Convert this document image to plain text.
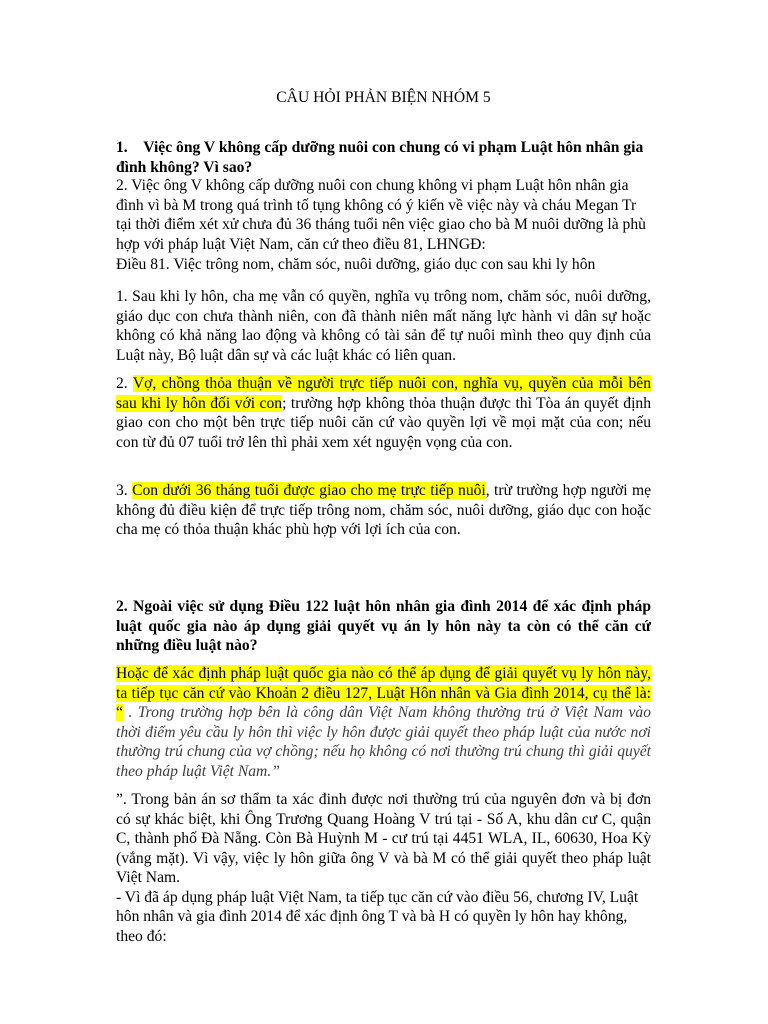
CÂU HỎI PHẢN BIỆN NHÓM 5

1. Việc ông V không cấp dưỡng nuôi con chung có vi phạm Luật hôn nhân gia đình không? Vì sao?

2. Việc ông V không cấp dưỡng nuôi con chung không vi phạm Luật hôn nhân gia đình vì bà M trong quá trình tố tụng không có ý kiến về việc này và cháu Megan Tr tại thời điểm xét xử chưa đủ 36 tháng tuổi nên việc giao cho bà M nuôi dưỡng là phù hợp với pháp luật Việt Nam, căn cứ theo điều 81, LHNGĐ:

Điều 81. Việc trông nom, chăm sóc, nuôi dưỡng, giáo dục con sau khi ly hôn

1. Sau khi ly hôn, cha mẹ vẫn có quyền, nghĩa vụ trông nom, chăm sóc, nuôi dưỡng, giáo dục con chưa thành niên, con đã thành niên mất năng lực hành vi dân sự hoặc không có khả năng lao động và không có tài sản để tự nuôi mình theo quy định của Luật này, Bộ luật dân sự và các luật khác có liên quan.

2. Vợ, chồng thỏa thuận về người trực tiếp nuôi con, nghĩa vụ, quyền của mỗi bên sau khi ly hôn đối với con; trường hợp không thỏa thuận được thì Tòa án quyết định giao con cho một bên trực tiếp nuôi căn cứ vào quyền lợi về mọi mặt của con; nếu con từ đủ 07 tuổi trở lên thì phải xem xét nguyện vọng của con.

3. Con dưới 36 tháng tuổi được giao cho mẹ trực tiếp nuôi, trừ trường hợp người mẹ không đủ điều kiện để trực tiếp trông nom, chăm sóc, nuôi dưỡng, giáo dục con hoặc cha mẹ có thỏa thuận khác phù hợp với lợi ích của con.

2. Ngoài việc sử dụng Điều 122 luật hôn nhân gia đình 2014 để xác định pháp luật quốc gia nào áp dụng giải quyết vụ án ly hôn này ta còn có thể căn cứ những điều luật nào?

Hoặc để xác định pháp luật quốc gia nào có thể áp dụng để giải quyết vụ ly hôn này, ta tiếp tục căn cứ vào Khoản 2 điều 127, Luật Hôn nhân và Gia đình 2014, cụ thể là: “ . Trong trường hợp bên là công dân Việt Nam không thường trú ở Việt Nam vào thời điểm yêu cầu ly hôn thì việc ly hôn được giải quyết theo pháp luật của nước nơi thường trú chung của vợ chồng; nếu họ không có nơi thường trú chung thì giải quyết theo pháp luật Việt Nam.”

”. Trong bản án sơ thẩm ta xác đinh được nơi thường trú của nguyên đơn và bị đơn có sự khác biệt, khi Ông Trương Quang Hoàng V trú tại - Số A, khu dân cư C, quận C, thành phố Đà Nẵng. Còn Bà Huỳnh M - cư trú tại 4451 WLA, IL, 60630, Hoa Kỳ (vắng mặt). Vì vậy, việc ly hôn giữa ông V và bà M có thể giải quyết theo pháp luật Việt Nam.
- Vì đã áp dụng pháp luật Việt Nam, ta tiếp tục căn cứ vào điều 56, chương IV, Luật hôn nhân và gia đình 2014 để xác định ông T và bà H có quyền ly hôn hay không, theo đó:
